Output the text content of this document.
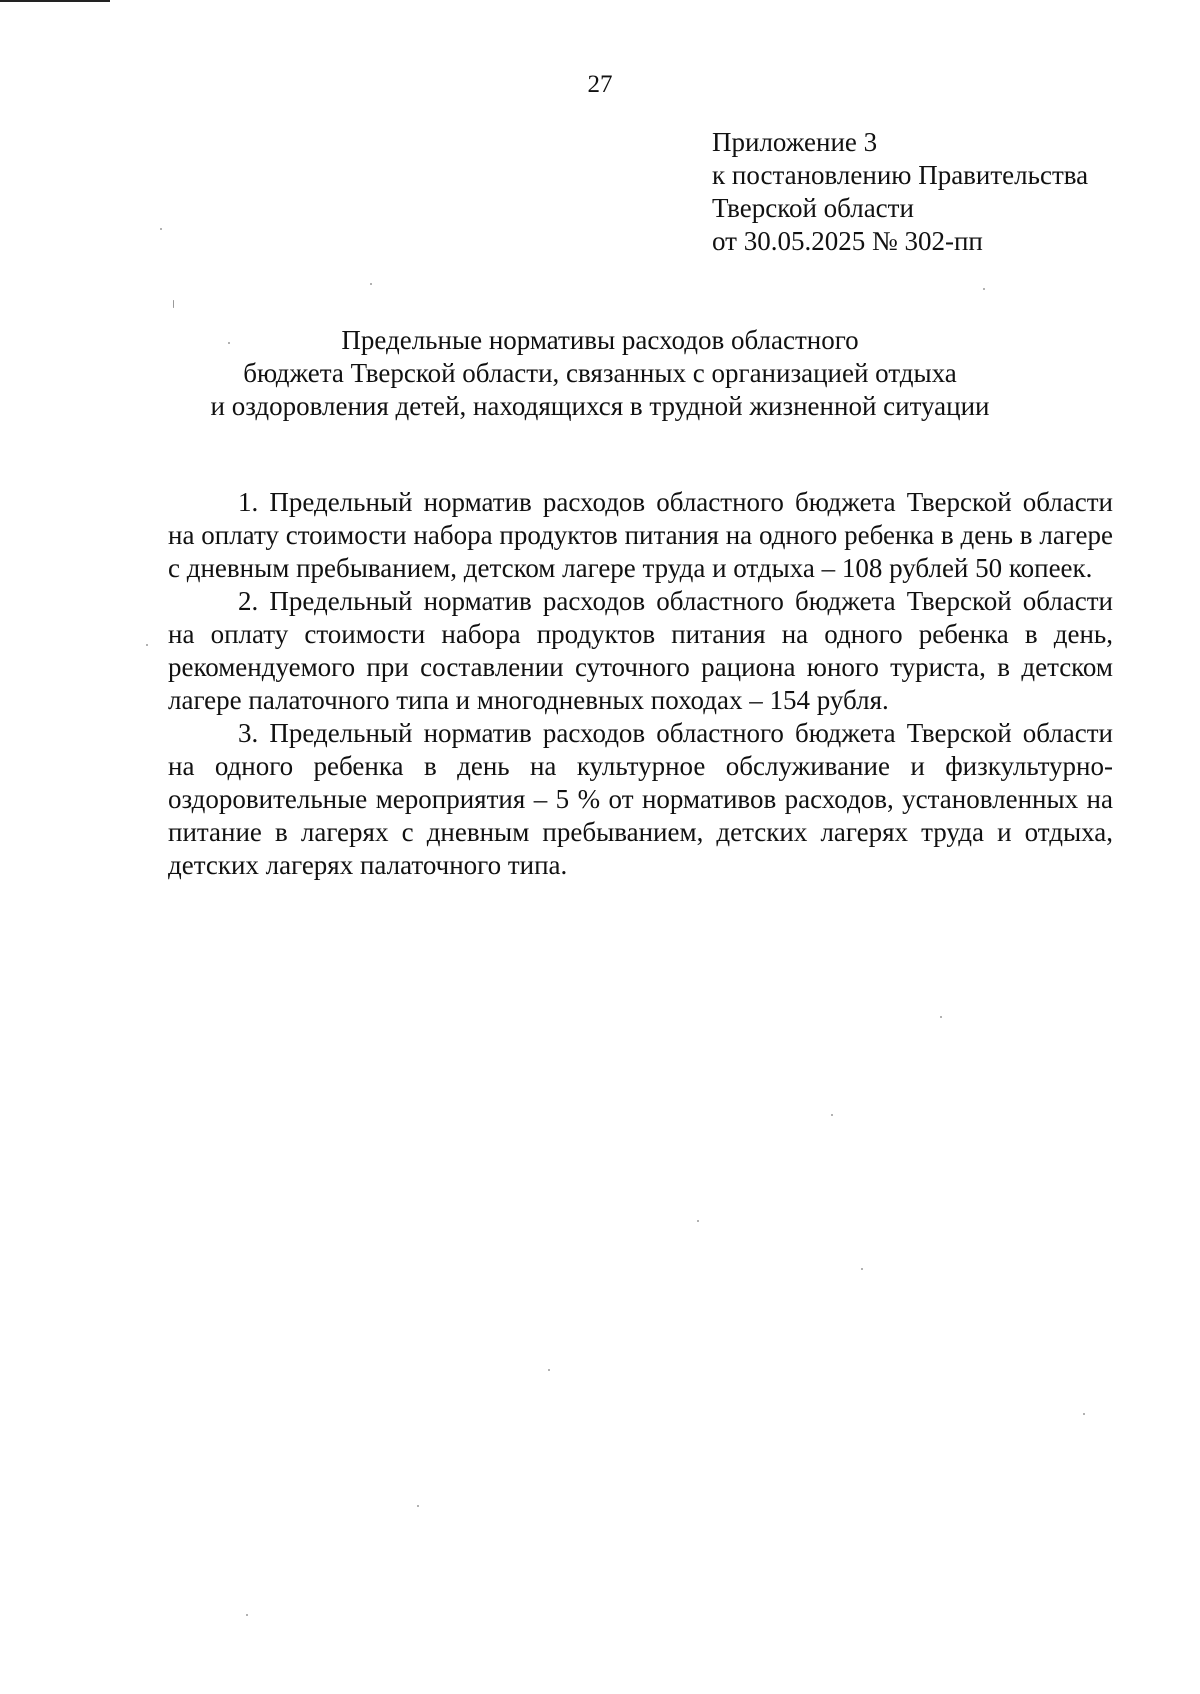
27
Приложение 3
к постановлению Правительства
Тверской области
от 30.05.2025 № 302-пп
Предельные нормативы расходов областного
бюджета Тверской области, связанных с организацией отдыха
и оздоровления детей, находящихся в трудной жизненной ситуации

1. Предельный норматив расходов областного бюджета Тверской области на оплату стоимости набора продуктов питания на одного ребенка в день в лагере с дневным пребыванием, детском лагере труда и отдыха – 108 рублей 50 копеек.

2. Предельный норматив расходов областного бюджета Тверской области на оплату стоимости набора продуктов питания на одного ребенка в день, рекомендуемого при составлении суточного рациона юного туриста, в детском лагере палаточного типа и многодневных походах – 154 рубля.

3. Предельный норматив расходов областного бюджета Тверской области на одного ребенка в день на культурное обслуживание и физкультурно-оздоровительные мероприятия – 5 % от нормативов расходов, установленных на питание в лагерях с дневным пребыванием, детских лагерях труда и отдыха, детских лагерях палаточного типа.
